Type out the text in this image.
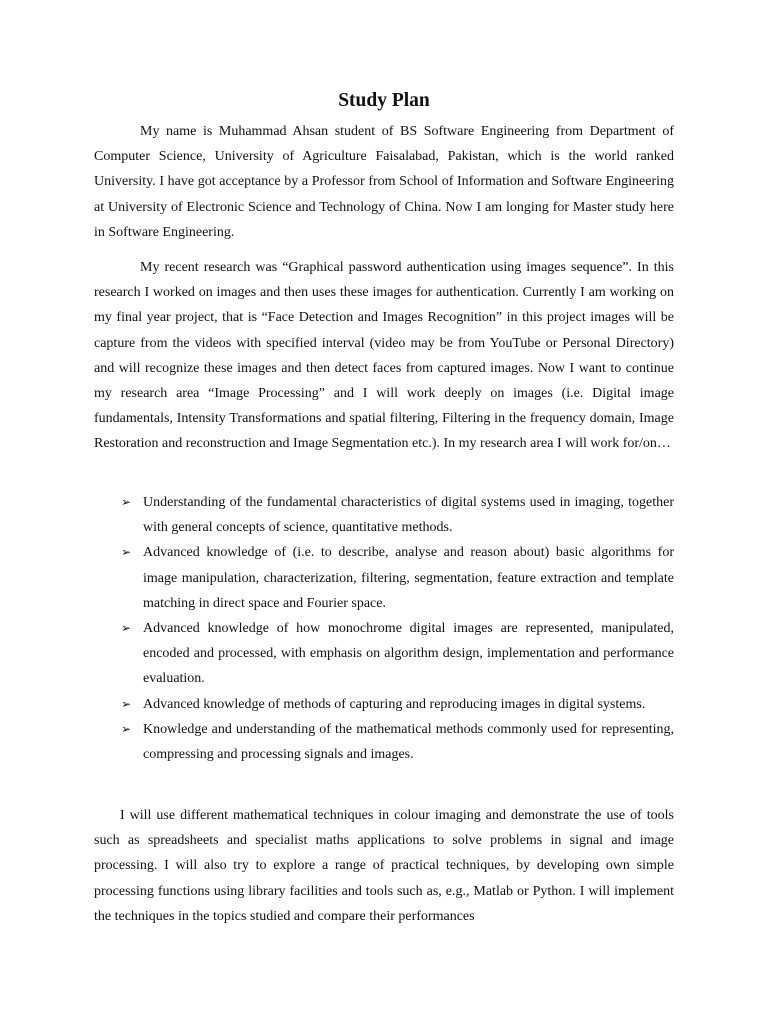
Study Plan

My name is Muhammad Ahsan student of BS Software Engineering from Department of Computer Science, University of Agriculture Faisalabad, Pakistan, which is the world ranked University. I have got acceptance by a Professor from School of Information and Software Engineering at University of Electronic Science and Technology of China. Now I am longing for Master study here in Software Engineering.

My recent research was “Graphical password authentication using images sequence”. In this research I worked on images and then uses these images for authentication. Currently I am working on my final year project, that is “Face Detection and Images Recognition” in this project images will be capture from the videos with specified interval (video may be from YouTube or Personal Directory) and will recognize these images and then detect faces from captured images. Now I want to continue my research area “Image Processing” and I will work deeply on images (i.e. Digital image fundamentals, Intensity Transformations and spatial filtering, Filtering in the frequency domain, Image Restoration and reconstruction and Image Segmentation etc.). In my research area I will work for/on…

➢ Understanding of the fundamental characteristics of digital systems used in imaging, together with general concepts of science, quantitative methods.
➢ Advanced knowledge of (i.e. to describe, analyse and reason about) basic algorithms for image manipulation, characterization, filtering, segmentation, feature extraction and template matching in direct space and Fourier space.
➢ Advanced knowledge of how monochrome digital images are represented, manipulated, encoded and processed, with emphasis on algorithm design, implementation and performance evaluation.
➢ Advanced knowledge of methods of capturing and reproducing images in digital systems.
➢ Knowledge and understanding of the mathematical methods commonly used for representing, compressing and processing signals and images.

I will use different mathematical techniques in colour imaging and demonstrate the use of tools such as spreadsheets and specialist maths applications to solve problems in signal and image processing. I will also try to explore a range of practical techniques, by developing own simple processing functions using library facilities and tools such as, e.g., Matlab or Python. I will implement the techniques in the topics studied and compare their performances
